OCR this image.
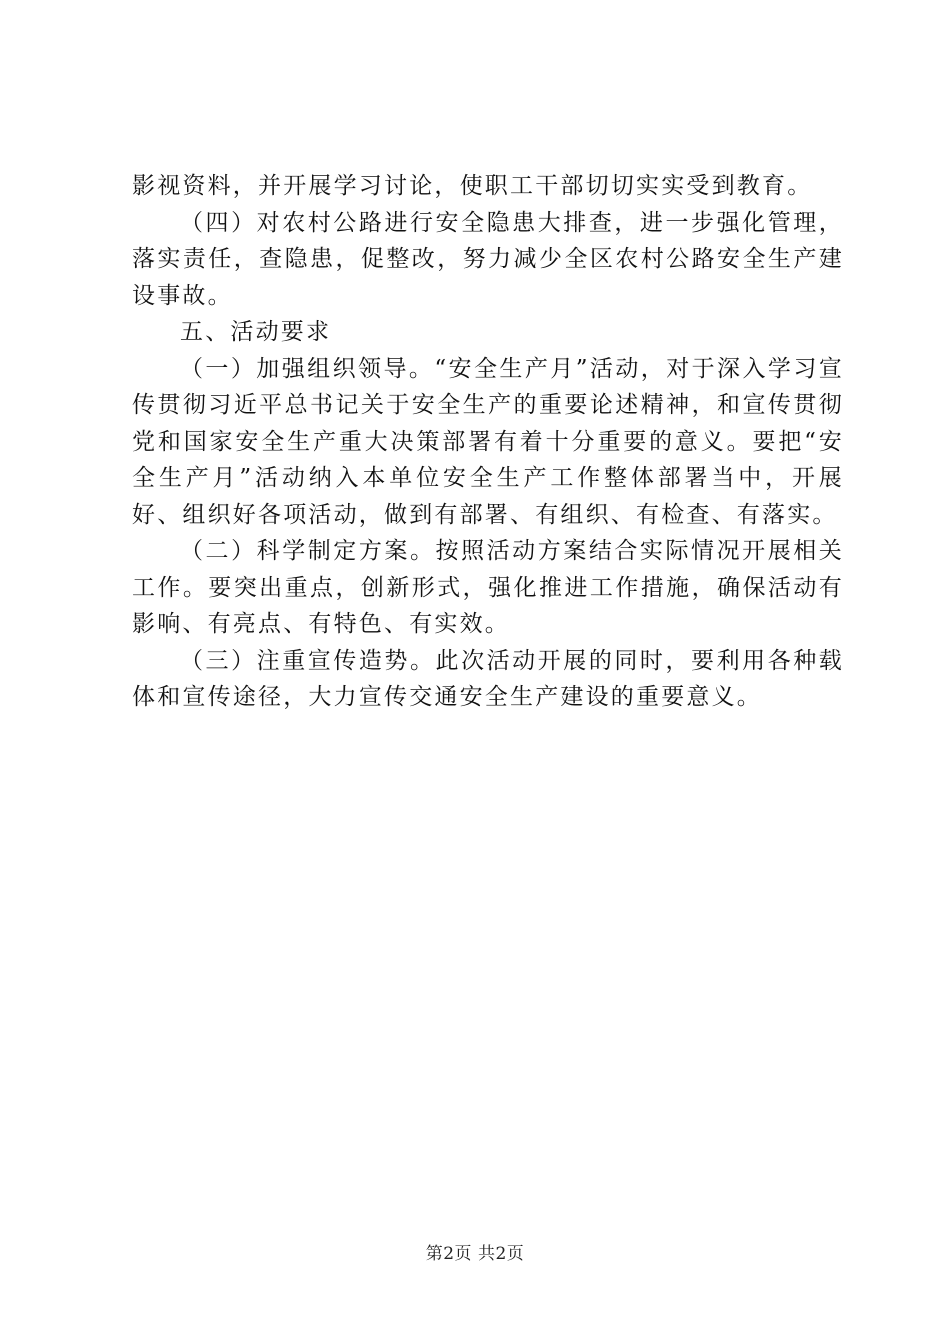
影视资料，并开展学习讨论，使职工干部切切实实受到教育。

（四）对农村公路进行安全隐患大排查，进一步强化管理，落实责任，查隐患，促整改，努力减少全区农村公路安全生产建设事故。

五、活动要求

（一）加强组织领导。“安全生产月”活动，对于深入学习宣传贯彻习近平总书记关于安全生产的重要论述精神，和宣传贯彻党和国家安全生产重大决策部署有着十分重要的意义。要把“安全生产月”活动纳入本单位安全生产工作整体部署当中，开展好、组织好各项活动，做到有部署、有组织、有检查、有落实。

（二）科学制定方案。按照活动方案结合实际情况开展相关工作。要突出重点，创新形式，强化推进工作措施，确保活动有影响、有亮点、有特色、有实效。

（三）注重宣传造势。此次活动开展的同时，要利用各种载体和宣传途径，大力宣传交通安全生产建设的重要意义。

第2页 共2页
